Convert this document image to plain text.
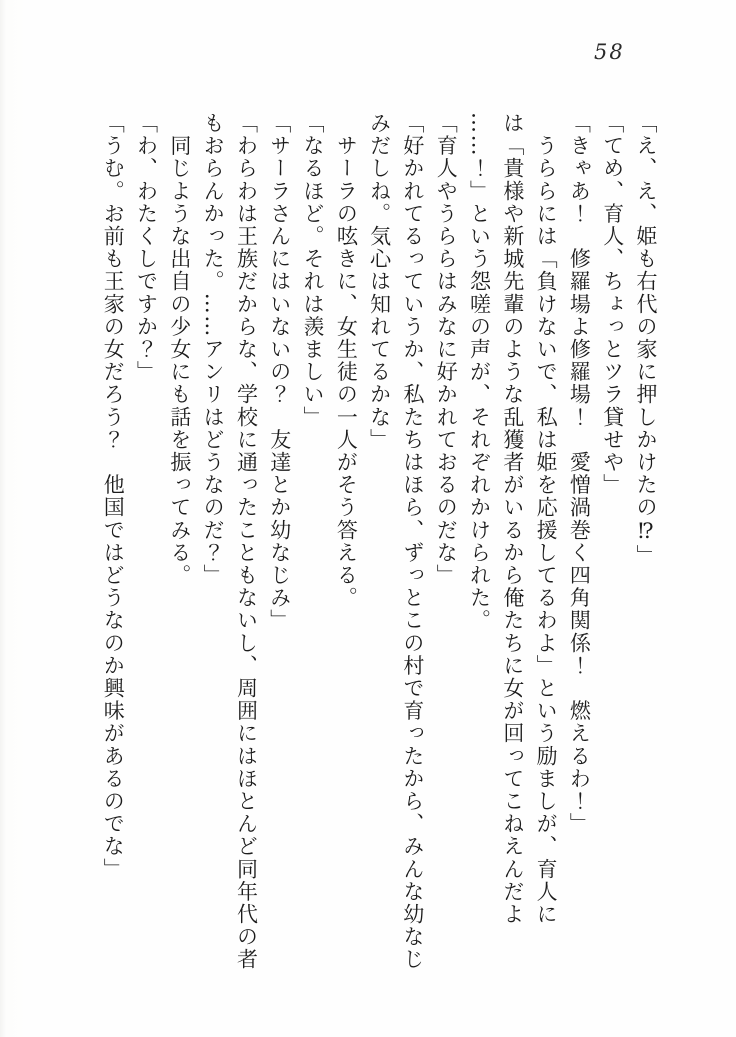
58
「え、え、姫も右代の家に押しかけたの⁉」
「てめ、育人、ちょっとツラ貸せや」
「きゃあ！　修羅場よ修羅場！　愛憎渦巻く四角関係！　燃えるわ！」
　うららには「負けないで、私は姫を応援してるわよ」という励ましが、育人に
は「貴様や新城先輩のような乱獲者がいるから俺たちに女が回ってこねえんだよ
……！」という怨嗟の声が、それぞれかけられた。
「育人やうららはみなに好かれておるのだな」
「好かれてるっていうか、私たちはほら、ずっとこの村で育ったから、みんな幼なじ
みだしね。気心は知れてるかな」
　サーラの呟きに、女生徒の一人がそう答える。
「なるほど。それは羨ましい」
「サーラさんにはいないの？　友達とか幼なじみ」
「わらわは王族だからな、学校に通ったこともないし、周囲にはほとんど同年代の者
もおらんかった。……アンリはどうなのだ？」
　同じような出自の少女にも話を振ってみる。
「わ、わたくしですか？」
「うむ。お前も王家の女だろう？　他国ではどうなのか興味があるのでな」
